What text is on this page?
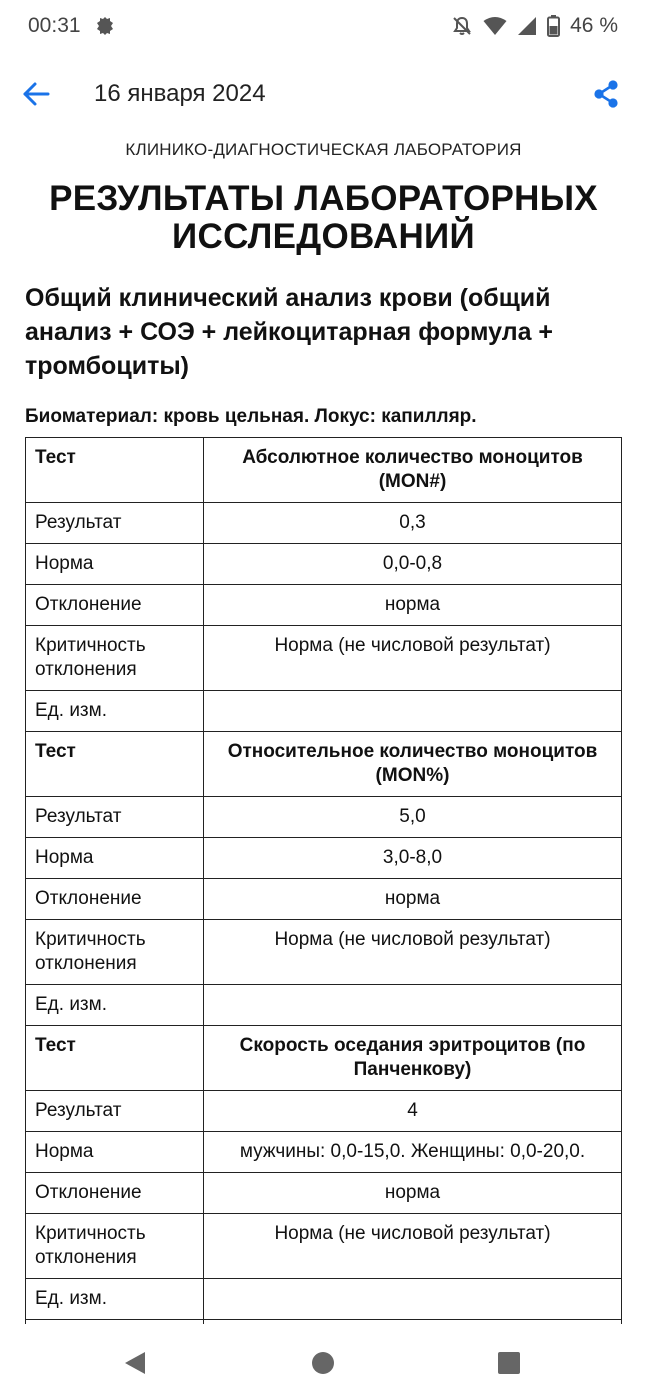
00:31	46 %
16 января 2024
КЛИНИКО-ДИАГНОСТИЧЕСКАЯ ЛАБОРАТОРИЯ
РЕЗУЛЬТАТЫ ЛАБОРАТОРНЫХ ИССЛЕДОВАНИЙ
Общий клинический анализ крови (общий анализ + СОЭ + лейкоцитарная формула + тромбоциты)
Биоматериал: кровь цельная. Локус: капилляр.
Тест	Абсолютное количество моноцитов (MON#)
Результат	0,3
Норма	0,0-0,8
Отклонение	норма
Критичность отклонения	Норма (не числовой результат)
Ед. изм.	
Тест	Относительное количество моноцитов (MON%)
Результат	5,0
Норма	3,0-8,0
Отклонение	норма
Критичность отклонения	Норма (не числовой результат)
Ед. изм.	
Тест	Скорость оседания эритроцитов (по Панченкову)
Результат	4
Норма	мужчины: 0,0-15,0. Женщины: 0,0-20,0.
Отклонение	норма
Критичность отклонения	Норма (не числовой результат)
Ед. изм.	
